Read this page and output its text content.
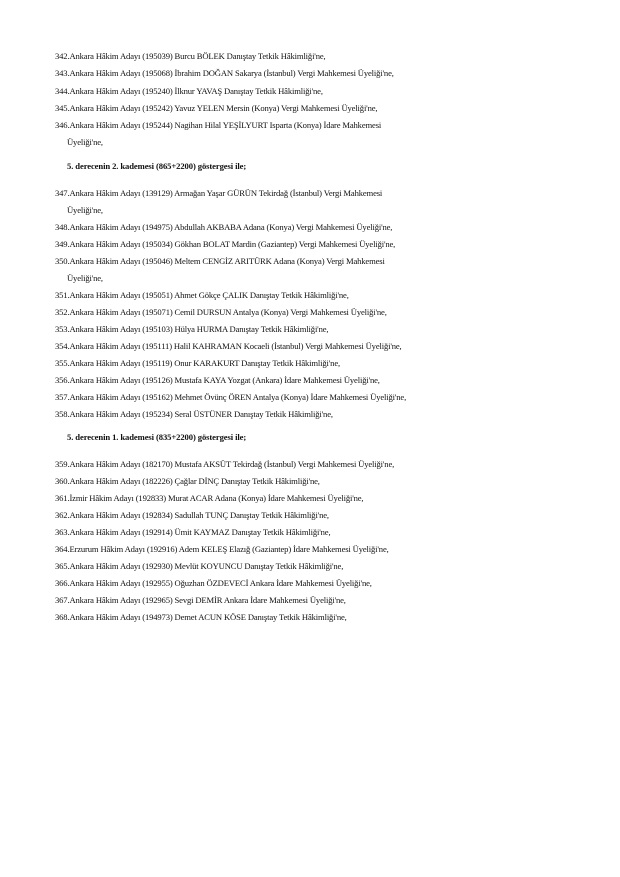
342.Ankara Hâkim Adayı (195039) Burcu BÖLEK Danıştay Tetkik Hâkimliği'ne,
343.Ankara Hâkim Adayı (195068) İbrahim DOĞAN Sakarya (İstanbul) Vergi Mahkemesi Üyeliği'ne,
344.Ankara Hâkim Adayı (195240) İlknur YAVAŞ Danıştay Tetkik Hâkimliği'ne,
345.Ankara Hâkim Adayı (195242) Yavuz YELEN Mersin (Konya) Vergi Mahkemesi Üyeliği'ne,
346.Ankara Hâkim Adayı (195244) Nagihan Hilal YEŞİLYURT Isparta (Konya) İdare Mahkemesi
Üyeliği'ne,
5. derecenin 2. kademesi (865+2200) göstergesi ile;
347.Ankara Hâkim Adayı (139129) Armağan Yaşar GÜRÜN Tekirdağ (İstanbul) Vergi Mahkemesi
Üyeliği'ne,
348.Ankara Hâkim Adayı (194975) Abdullah AKBABA Adana (Konya) Vergi Mahkemesi Üyeliği'ne,
349.Ankara Hâkim Adayı (195034) Gökhan BOLAT Mardin (Gaziantep) Vergi Mahkemesi Üyeliği'ne,
350.Ankara Hâkim Adayı (195046) Meltem CENGİZ ARITÜRK Adana (Konya) Vergi Mahkemesi
Üyeliği'ne,
351.Ankara Hâkim Adayı (195051) Ahmet Gökçe ÇALIK Danıştay Tetkik Hâkimliği'ne,
352.Ankara Hâkim Adayı (195071) Cemil DURSUN Antalya (Konya) Vergi Mahkemesi Üyeliği'ne,
353.Ankara Hâkim Adayı (195103) Hülya HURMA Danıştay Tetkik Hâkimliği'ne,
354.Ankara Hâkim Adayı (195111) Halil KAHRAMAN Kocaeli (İstanbul) Vergi Mahkemesi Üyeliği'ne,
355.Ankara Hâkim Adayı (195119) Onur KARAKURT Danıştay Tetkik Hâkimliği'ne,
356.Ankara Hâkim Adayı (195126) Mustafa KAYA Yozgat (Ankara) İdare Mahkemesi Üyeliği'ne,
357.Ankara Hâkim Adayı (195162) Mehmet Övünç ÖREN Antalya (Konya) İdare Mahkemesi Üyeliği'ne,
358.Ankara Hâkim Adayı (195234) Seral ÜSTÜNER Danıştay Tetkik Hâkimliği'ne,
5. derecenin 1. kademesi (835+2200) göstergesi ile;
359.Ankara Hâkim Adayı (182170) Mustafa AKSÜT Tekirdağ (İstanbul) Vergi Mahkemesi Üyeliği'ne,
360.Ankara Hâkim Adayı (182226) Çağlar DİNÇ Danıştay Tetkik Hâkimliği'ne,
361.İzmir Hâkim Adayı (192833) Murat ACAR Adana (Konya) İdare Mahkemesi Üyeliği'ne,
362.Ankara Hâkim Adayı (192834) Sadullah TUNÇ Danıştay Tetkik Hâkimliği'ne,
363.Ankara Hâkim Adayı (192914) Ümit KAYMAZ Danıştay Tetkik Hâkimliği'ne,
364.Erzurum Hâkim Adayı (192916) Adem KELEŞ Elazığ (Gaziantep) İdare Mahkemesi Üyeliği'ne,
365.Ankara Hâkim Adayı (192930) Mevlüt KOYUNCU Danıştay Tetkik Hâkimliği'ne,
366.Ankara Hâkim Adayı (192955) Oğuzhan ÖZDEVECİ Ankara İdare Mahkemesi Üyeliği'ne,
367.Ankara Hâkim Adayı (192965) Sevgi DEMİR Ankara İdare Mahkemesi Üyeliği'ne,
368.Ankara Hâkim Adayı (194973) Demet ACUN KÖSE Danıştay Tetkik Hâkimliği'ne,
